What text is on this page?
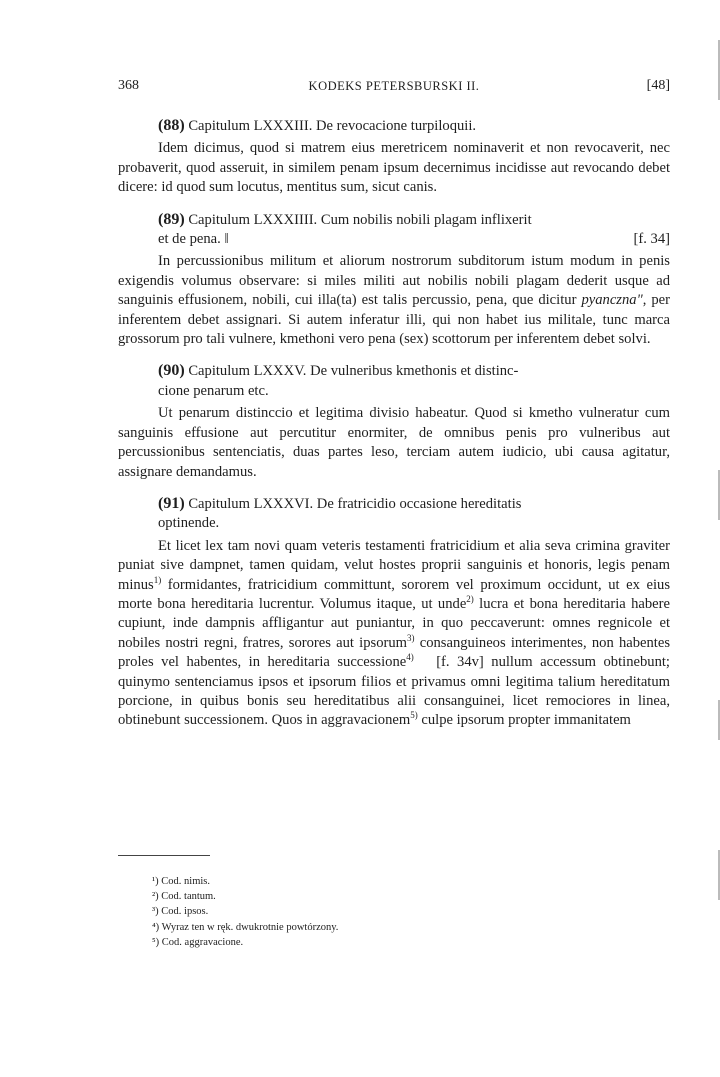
368	KODEKS PETERSBURSKI II.	[48]
(88) Capitulum LXXXIII. De revocacione turpiloquii.
Idem dicimus, quod si matrem eius meretricem nominaverit et non revocaverit, nec probaverit, quod asseruit, in similem penam ipsum decernimus incidisse aut revocando debet dicere: id quod sum locutus, mentitus sum, sicut canis.
(89) Capitulum LXXXIIII. Cum nobilis nobili plagam inflixerit
et de pena. ‖	[f. 34]
In percussionibus militum et aliorum nostrorum subditorum istum modum in penis exigendis volumus observare: si miles militi aut nobilis nobili plagam dederit usque ad sanguinis effusionem, nobili, cui illa(ta) est talis percussio, pena, que dicitur pyanczna", per inferentem debet assignari. Si autem inferatur illi, qui non habet ius militale, tunc marca grossorum pro tali vulnere, kmethoni vero pena (sex) scottorum per inferentem debet solvi.
(90) Capitulum LXXXV. De vulneribus kmethonis et distinc-
cione penarum etc.
Ut penarum distinccio et legitima divisio habeatur. Quod si kmetho vulneratur cum sanguinis effusione aut percutitur enormiter, de omnibus penis pro vulneribus aut percussionibus sentenciatis, duas partes leso, terciam autem iudicio, ubi causa agitatur, assignare demandamus.
(91) Capitulum LXXXVI. De fratricidio occasione hereditatis
optinende.
Et licet lex tam novi quam veteris testamenti fratricidium et alia seva crimina graviter puniat sive dampnet, tamen quidam, velut hostes proprii sanguinis et honoris, legis penam minus$^{1)}$ formidantes, fratricidium committunt, sororem vel proximum occidunt, ut ex eius morte bona hereditaria lucrentur. Volumus itaque, ut unde$^{2)}$ lucra et bona hereditaria habere cupiunt, inde dampnis affligantur aut puniantur, in quo peccaverunt: omnes regnicole et nobiles nostri regni, fratres, sorores aut ipsorum$^{3)}$ consanguineos interimentes, non habentes proles vel habentes, in hereditaria successione$^{4)}$ [f. 34v] nullum accessum obtinebunt; quinymo sentenciamus ipsos et ipsorum filios et privamus omni legitima talium hereditatum porcione, in quibus bonis seu hereditatibus alii consanguinei, licet remociores in linea, obtinebunt successionem. Quos in aggravacionem$^{5)}$ culpe ipsorum propter immanitatem
¹) Cod. nimis.
²) Cod. tantum.
³) Cod. ipsos.
⁴) Wyraz ten w ręk. dwukrotnie powtórzony.
⁵) Cod. aggravacione.
